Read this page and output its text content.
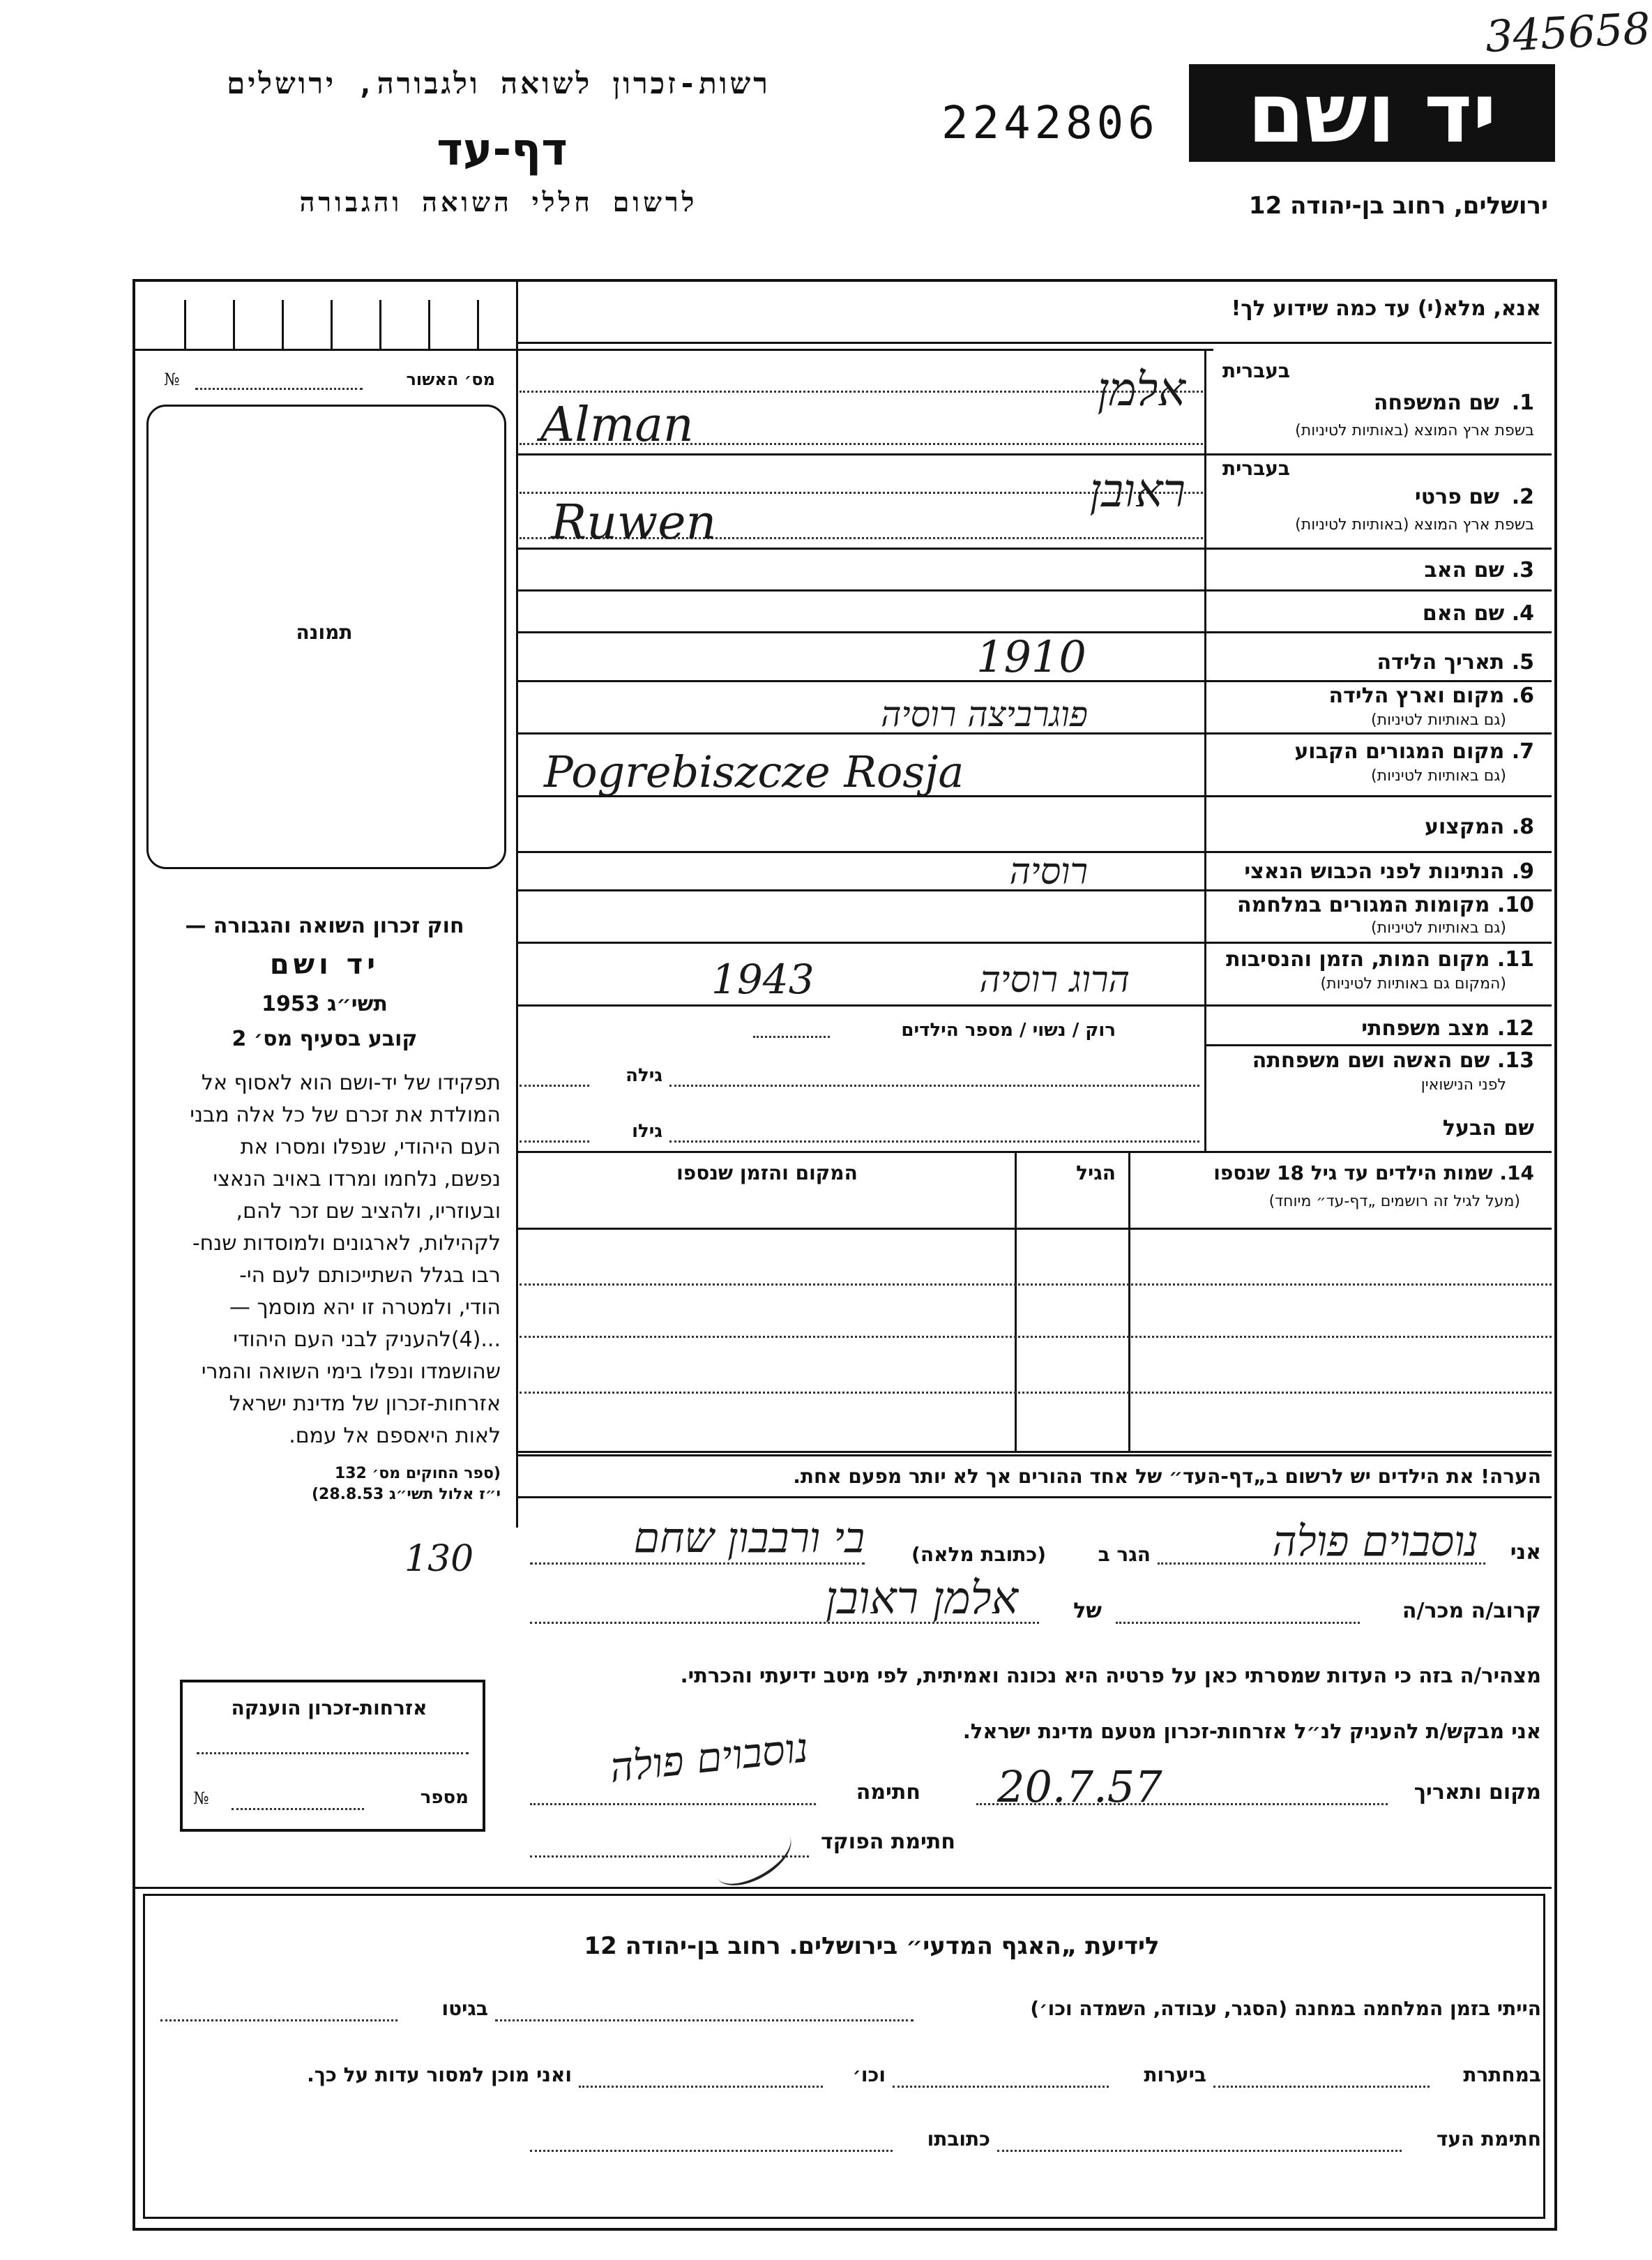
345658
רשות-זכרון לשואה ולגבורה, ירושלים
2242806	יד ושם
דף-עד
לרשום חללי השואה והגבורה	ירושלים, רחוב בן-יהודה 12
אנא, מלא(י) עד כמה שידוע לך!
מס׳ האשור
№
תמונה
חוק זכרון השואה והגבורה —
יד ושם
תשי״ג 1953
קובע בסעיף מס׳ 2
תפקידו של יד-ושם הוא לאסוף אל
המולדת את זכרם של כל אלה מבני
העם היהודי, שנפלו ומסרו את
נפשם, נלחמו ומרדו באויב הנאצי
ובעוזריו, ולהציב שם זכר להם,
לקהילות, לארגונים ולמוסדות שנח-
רבו בגלל השתייכותם לעם הי-
הודי, ולמטרה זו יהא מוסמך —
...(4)להעניק לבני העם היהודי
שהושמדו ונפלו בימי השואה והמרי
אזרחות-זכרון של מדינת ישראל
לאות היאספם אל עמם.
(ספר החוקים מס׳ 132
י״ז אלול תשי״ג 28.8.53)
בעברית
שם המשפחה 1.
בשפת ארץ המוצא (באותיות לטיניות)
אלמן
Alman
בעברית
שם פרטי 2.
בשפת ארץ המוצא (באותיות לטיניות)
ראובן
Ruwen
3. שם האב
4. שם האם
5. תאריך הלידה
1910
6. מקום וארץ הלידה
(גם באותיות לטיניות)
פוגרביצה רוסיה
7. מקום המגורים הקבוע
(גם באותיות לטיניות)
Pogrebiszcze Rosja
8. המקצוע
9. הנתינות לפני הכבוש הנאצי
רוסיה
10. מקומות המגורים במלחמה
(גם באותיות לטיניות)
11. מקום המות, הזמן והנסיבות
(המקום גם באותיות לטיניות)
1943	הרוג רוסיה
12. מצב משפחתי
רוק / נשוי / מספר הילדים
13. שם האשה ושם משפחתה
לפני הנישואין
גילה
שם הבעל
גילו
14. שמות הילדים עד גיל 18 שנספו
(מעל לגיל זה רושמים „דף-עד״ מיוחד)
הגיל
המקום והזמן שנספו
הערה! את הילדים יש לרשום ב„דף-העד״ של אחד ההורים אך לא יותר מפעם אחת.
130	אני
נוסבוים פולה
הגר ב
(כתובת מלאה)
בי ורבבון שחם
קרוב/ה מכר/ה
של
אלמן ראובן
מצהיר/ה בזה כי העדות שמסרתי כאן על פרטיה היא נכונה ואמיתית, לפי מיטב ידיעתי והכרתי.
אני מבקש/ת להעניק לנ״ל אזרחות-זכרון מטעם מדינת ישראל.
מקום ותאריך
20.7.57
חתימה
נוסבוים פולה
חתימת הפוקד
אזרחות-זכרון הוענקה
מספר
№
לידיעת „האגף המדעי״ בירושלים. רחוב בן-יהודה 12
הייתי בזמן המלחמה במחנה (הסגר, עבודה, השמדה וכו׳)
בגיטו
במחתרת
ביערות
וכו׳
ואני מוכן למסור עדות על כך.
חתימת העד
כתובתו
